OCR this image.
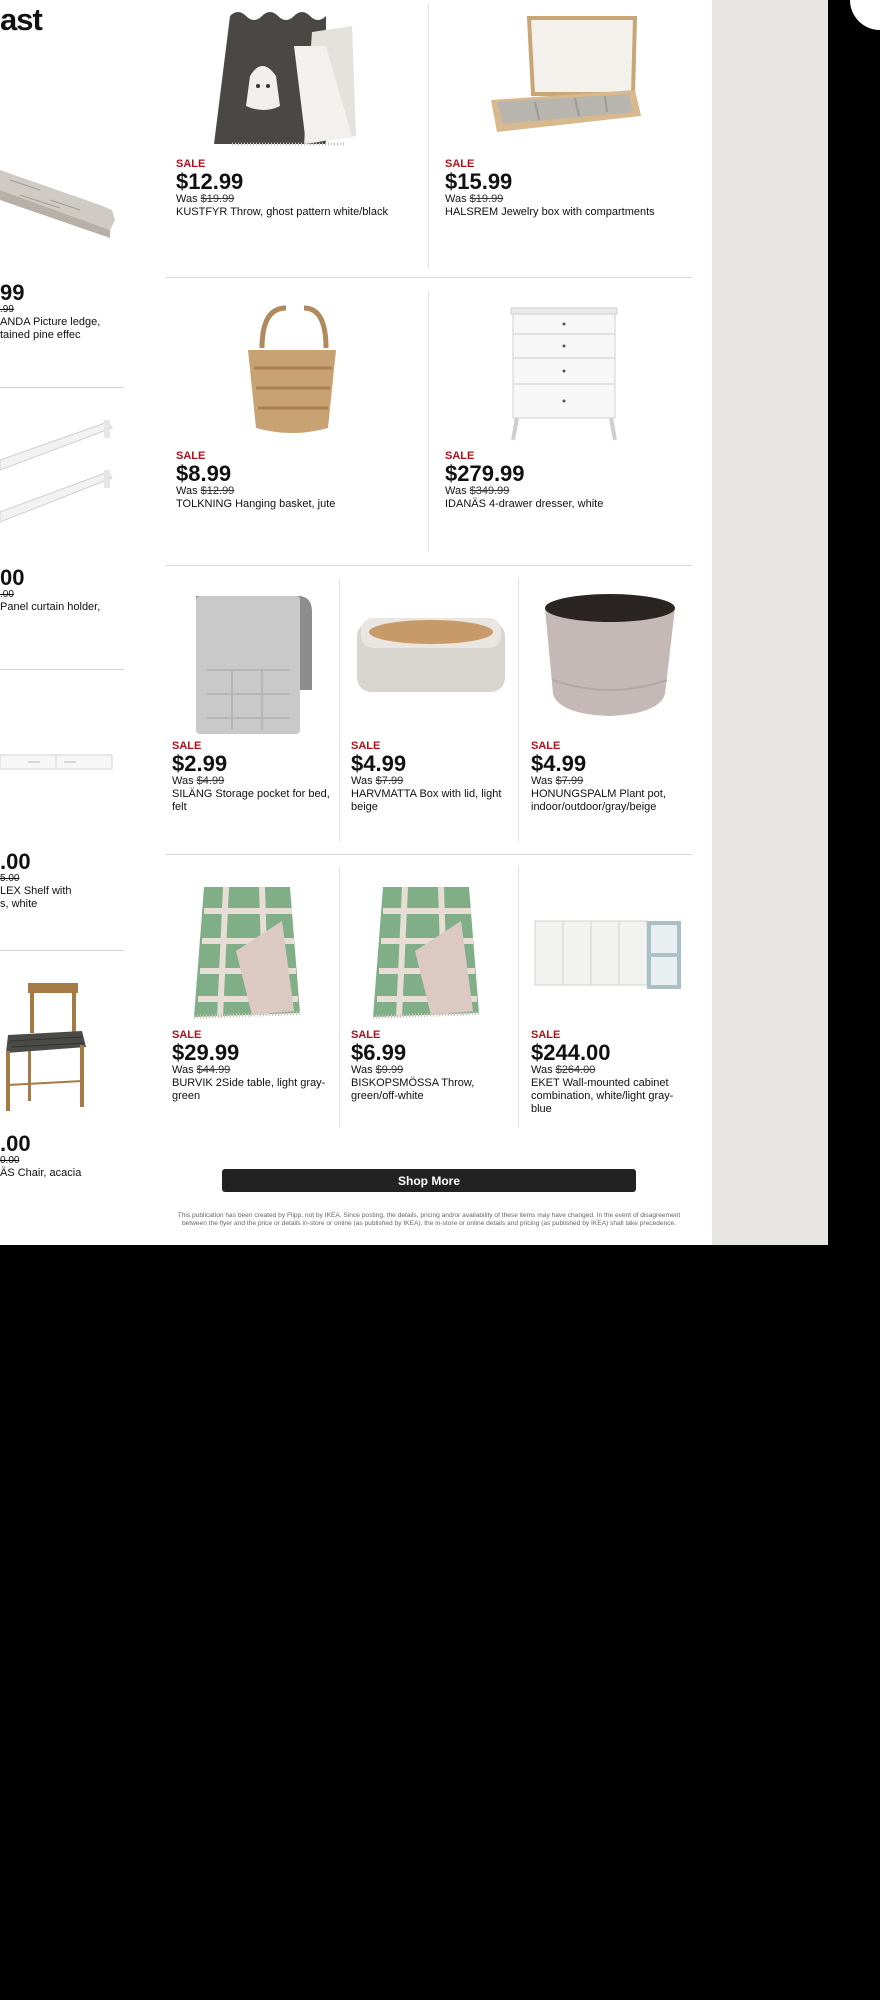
ast
99
.99
ANDA Picture ledge,
tained pine effec
00
.00
Panel curtain holder,
.00
5.00
LEX Shelf with
s, white
.00
0.00
ÄS Chair, acacia
SALE
$12.99
Was $19.99
KUSTFYR Throw, ghost pattern white/black
SALE
$15.99
Was $19.99
HALSREM Jewelry box with compartments
SALE
$8.99
Was $12.99
TOLKNING Hanging basket, jute
SALE
$279.99
Was $349.99
IDANÄS 4-drawer dresser, white
SALE
$2.99
Was $4.99
SILÄNG Storage pocket for bed, felt
SALE
$4.99
Was $7.99
HARVMATTA Box with lid, light beige
SALE
$4.99
Was $7.99
HONUNGSPALM Plant pot, indoor/outdoor/gray/beige
SALE
$29.99
Was $44.99
BURVIK 2Side table, light gray-green
SALE
$6.99
Was $9.99
BISKOPSMÖSSA Throw, green/off-white
SALE
$244.00
Was $264.00
EKET Wall-mounted cabinet combination, white/light gray-blue
Shop More
This publication has been created by Flipp, not by IKEA. Since posting, the details, pricing and/or availability of these items may have changed. In the event of disagreement between the flyer and the price or details in-store or online (as published by IKEA), the in-store or online details and pricing (as published by IKEA) shall take precedence.
